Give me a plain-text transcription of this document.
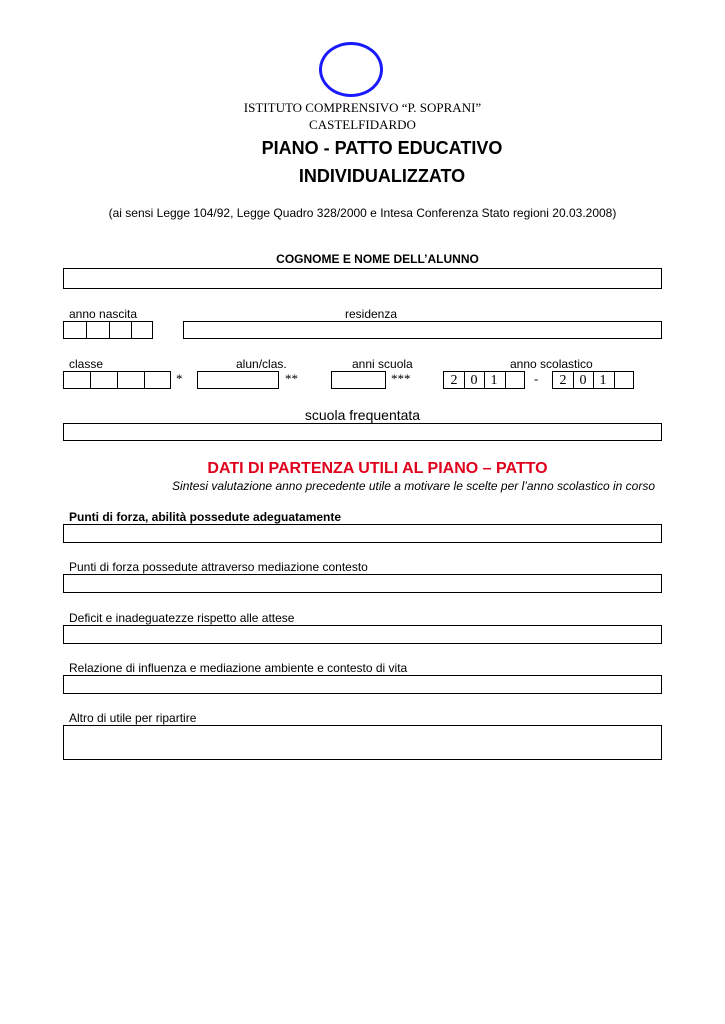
ISTITUTO COMPRENSIVO “P. SOPRANI”
CASTELFIDARDO
PIANO - PATTO EDUCATIVO
INDIVIDUALIZZATO
(ai sensi Legge 104/92, Legge Quadro 328/2000 e Intesa Conferenza Stato regioni 20.03.2008)
COGNOME E NOME DELL’ALUNNO
anno nascita	residenza
classe	alun/clas.	anni scuola	anno scolastico
*	**	***	2 0 1	-	2 0 1
scuola frequentata
DATI DI PARTENZA UTILI AL PIANO – PATTO
Sintesi valutazione anno precedente utile a motivare le scelte per l’anno scolastico in corso
Punti di forza, abilità possedute adeguatamente
Punti di forza possedute attraverso mediazione contesto
Deficit e inadeguatezze rispetto alle attese
Relazione di influenza e mediazione ambiente e contesto di vita
Altro di utile per ripartire
